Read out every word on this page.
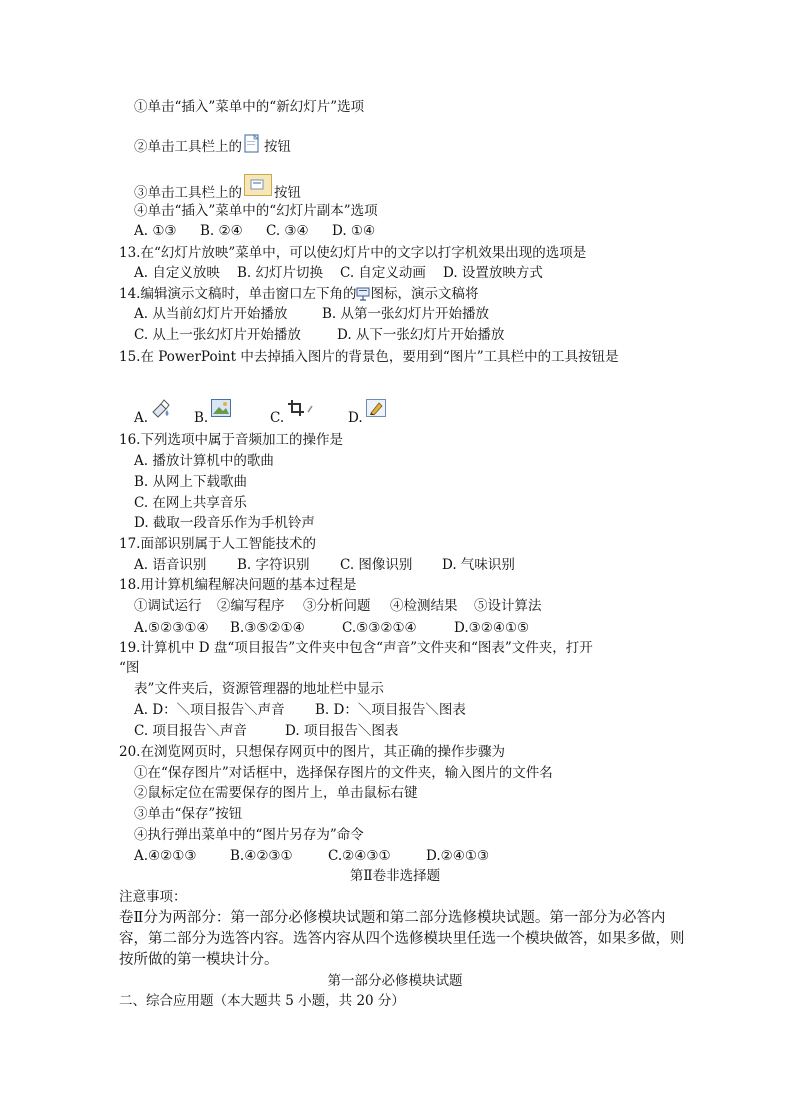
①单击“插入”菜单中的“新幻灯片”选项
②单击工具栏上的 按钮
③单击工具栏上的 按钮
④单击“插入”菜单中的“幻灯片副本”选项
A. ①③ B. ②④ C. ③④ D. ①④
13.在“幻灯片放映”菜单中，可以使幻灯片中的文字以打字机效果出现的选项是
A. 自定义放映 B. 幻灯片切换 C. 自定义动画 D. 设置放映方式
14.编辑演示文稿时，单击窗口左下角的 图标，演示文稿将
A. 从当前幻灯片开始播放	B. 从第一张幻灯片开始播放
C. 从上一张幻灯片开始播放	D. 从下一张幻灯片开始播放
15.在 PowerPoint 中去掉插入图片的背景色，要用到“图片”工具栏中的工具按钮是
A.	B.	C.	D.
16.下列选项中属于音频加工的操作是
A. 播放计算机中的歌曲
B. 从网上下载歌曲
C. 在网上共享音乐
D. 截取一段音乐作为手机铃声
17.面部识别属于人工智能技术的
A. 语音识别 B. 字符识别 C. 图像识别 D. 气味识别
18.用计算机编程解决问题的基本过程是
①调试运行 ②编写程序 ③分析问题 ④检测结果 ⑤设计算法
A.⑤②③①④ B.③⑤②①④	C.⑤③②①④	D.③②④①⑤
19.计算机中 D 盘“项目报告”文件夹中包含“声音”文件夹和“图表”文件夹，打开
“图
表”文件夹后，资源管理器的地址栏中显示
A. D：＼项目报告＼声音 B. D：＼项目报告＼图表
C. 项目报告＼声音	D. 项目报告＼图表
20.在浏览网页时，只想保存网页中的图片，其正确的操作步骤为
①在“保存图片”对话框中，选择保存图片的文件夹，输入图片的文件名
②鼠标定位在需要保存的图片上，单击鼠标右键
③单击“保存”按钮
④执行弹出菜单中的“图片另存为”命令
A.④②①③ B.④②③①	C.②④③①	D.②④①③
第Ⅱ卷非选择题
注意事项：
卷Ⅱ分为两部分：第一部分必修模块试题和第二部分选修模块试题。第一部分为必答内
容，第二部分为选答内容。选答内容从四个选修模块里任选一个模块做答，如果多做，则
按所做的第一模块计分。
第一部分必修模块试题
二、综合应用题（本大题共 5 小题，共 20 分）
